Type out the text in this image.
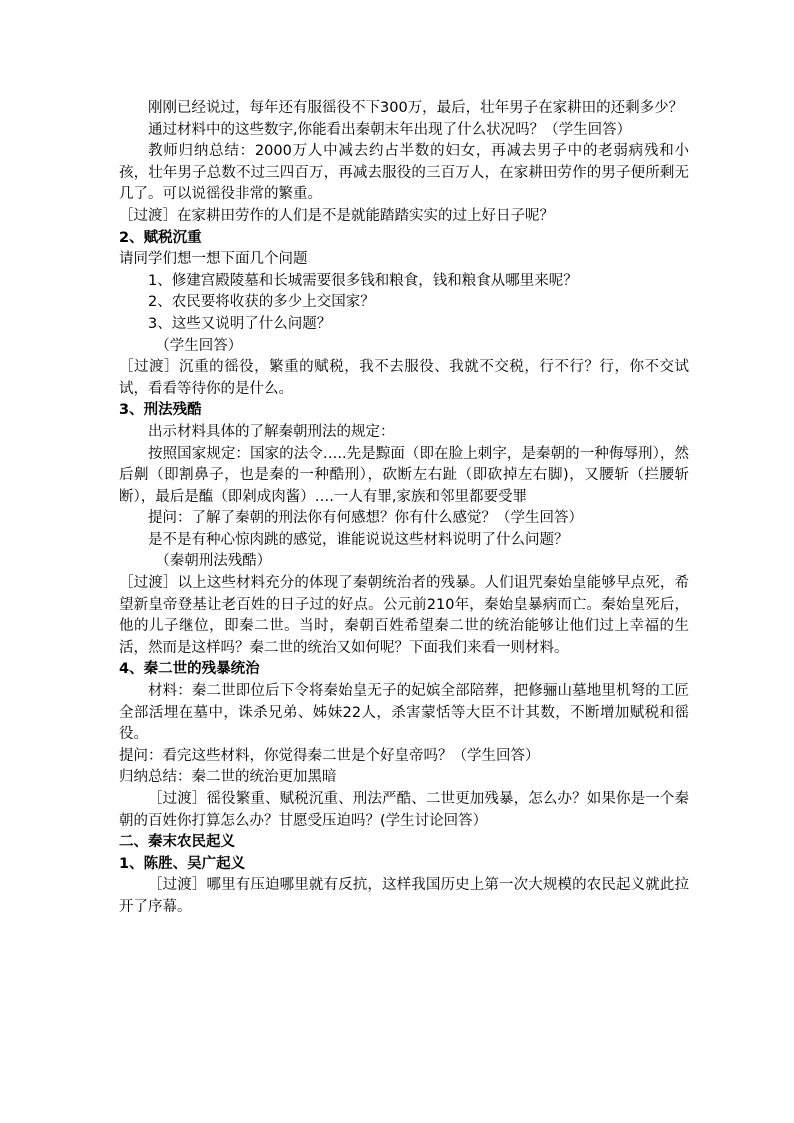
刚刚已经说过，每年还有服徭役不下300万，最后，壮年男子在家耕田的还剩多少？

通过材料中的这些数字,你能看出秦朝末年出现了什么状况吗？（学生回答）

教师归纳总结：2000万人中减去约占半数的妇女，再减去男子中的老弱病残和小孩，壮年男子总数不过三四百万，再减去服役的三百万人，在家耕田劳作的男子便所剩无几了。可以说徭役非常的繁重。

［过渡］在家耕田劳作的人们是不是就能踏踏实实的过上好日子呢？

2、赋税沉重

请同学们想一想下面几个问题

1、修建宫殿陵墓和长城需要很多钱和粮食，钱和粮食从哪里来呢？

2、农民要将收获的多少上交国家？

3、这些又说明了什么问题？

（学生回答）

［过渡］沉重的徭役，繁重的赋税，我不去服役、我就不交税，行不行？行，你不交试试，看看等待你的是什么。

3、刑法残酷

出示材料具体的了解秦朝刑法的规定：

按照国家规定：国家的法令…..先是黥面（即在脸上刺字，是秦朝的一种侮辱刑），然后劓（即割鼻子，也是秦的一种酷刑），砍断左右趾（即砍掉左右脚)，又腰斩（拦腰斩断），最后是醢（即剁成肉酱）….一人有罪,家族和邻里都要受罪

提问：了解了秦朝的刑法你有何感想？你有什么感觉？（学生回答）

是不是有种心惊肉跳的感觉，谁能说说这些材料说明了什么问题？

（秦朝刑法残酷）

［过渡］以上这些材料充分的体现了秦朝统治者的残暴。人们诅咒秦始皇能够早点死，希望新皇帝登基让老百姓的日子过的好点。公元前210年，秦始皇暴病而亡。秦始皇死后，他的儿子继位，即秦二世。当时，秦朝百姓希望秦二世的统治能够让他们过上幸福的生活，然而是这样吗？秦二世的统治又如何呢？下面我们来看一则材料。

4、秦二世的残暴统治

材料：秦二世即位后下令将秦始皇无子的妃嫔全部陪葬，把修骊山墓地里机弩的工匠全部活埋在墓中，诛杀兄弟、姊妹22人，杀害蒙恬等大臣不计其数，不断增加赋税和徭役。

提问：看完这些材料，你觉得秦二世是个好皇帝吗？（学生回答）

归纳总结：秦二世的统治更加黑暗

［过渡］徭役繁重、赋税沉重、刑法严酷、二世更加残暴，怎么办？如果你是一个秦朝的百姓你打算怎么办？甘愿受压迫吗？(学生讨论回答）

二、秦末农民起义

1、陈胜、吴广起义

［过渡］哪里有压迫哪里就有反抗，这样我国历史上第一次大规模的农民起义就此拉开了序幕。
